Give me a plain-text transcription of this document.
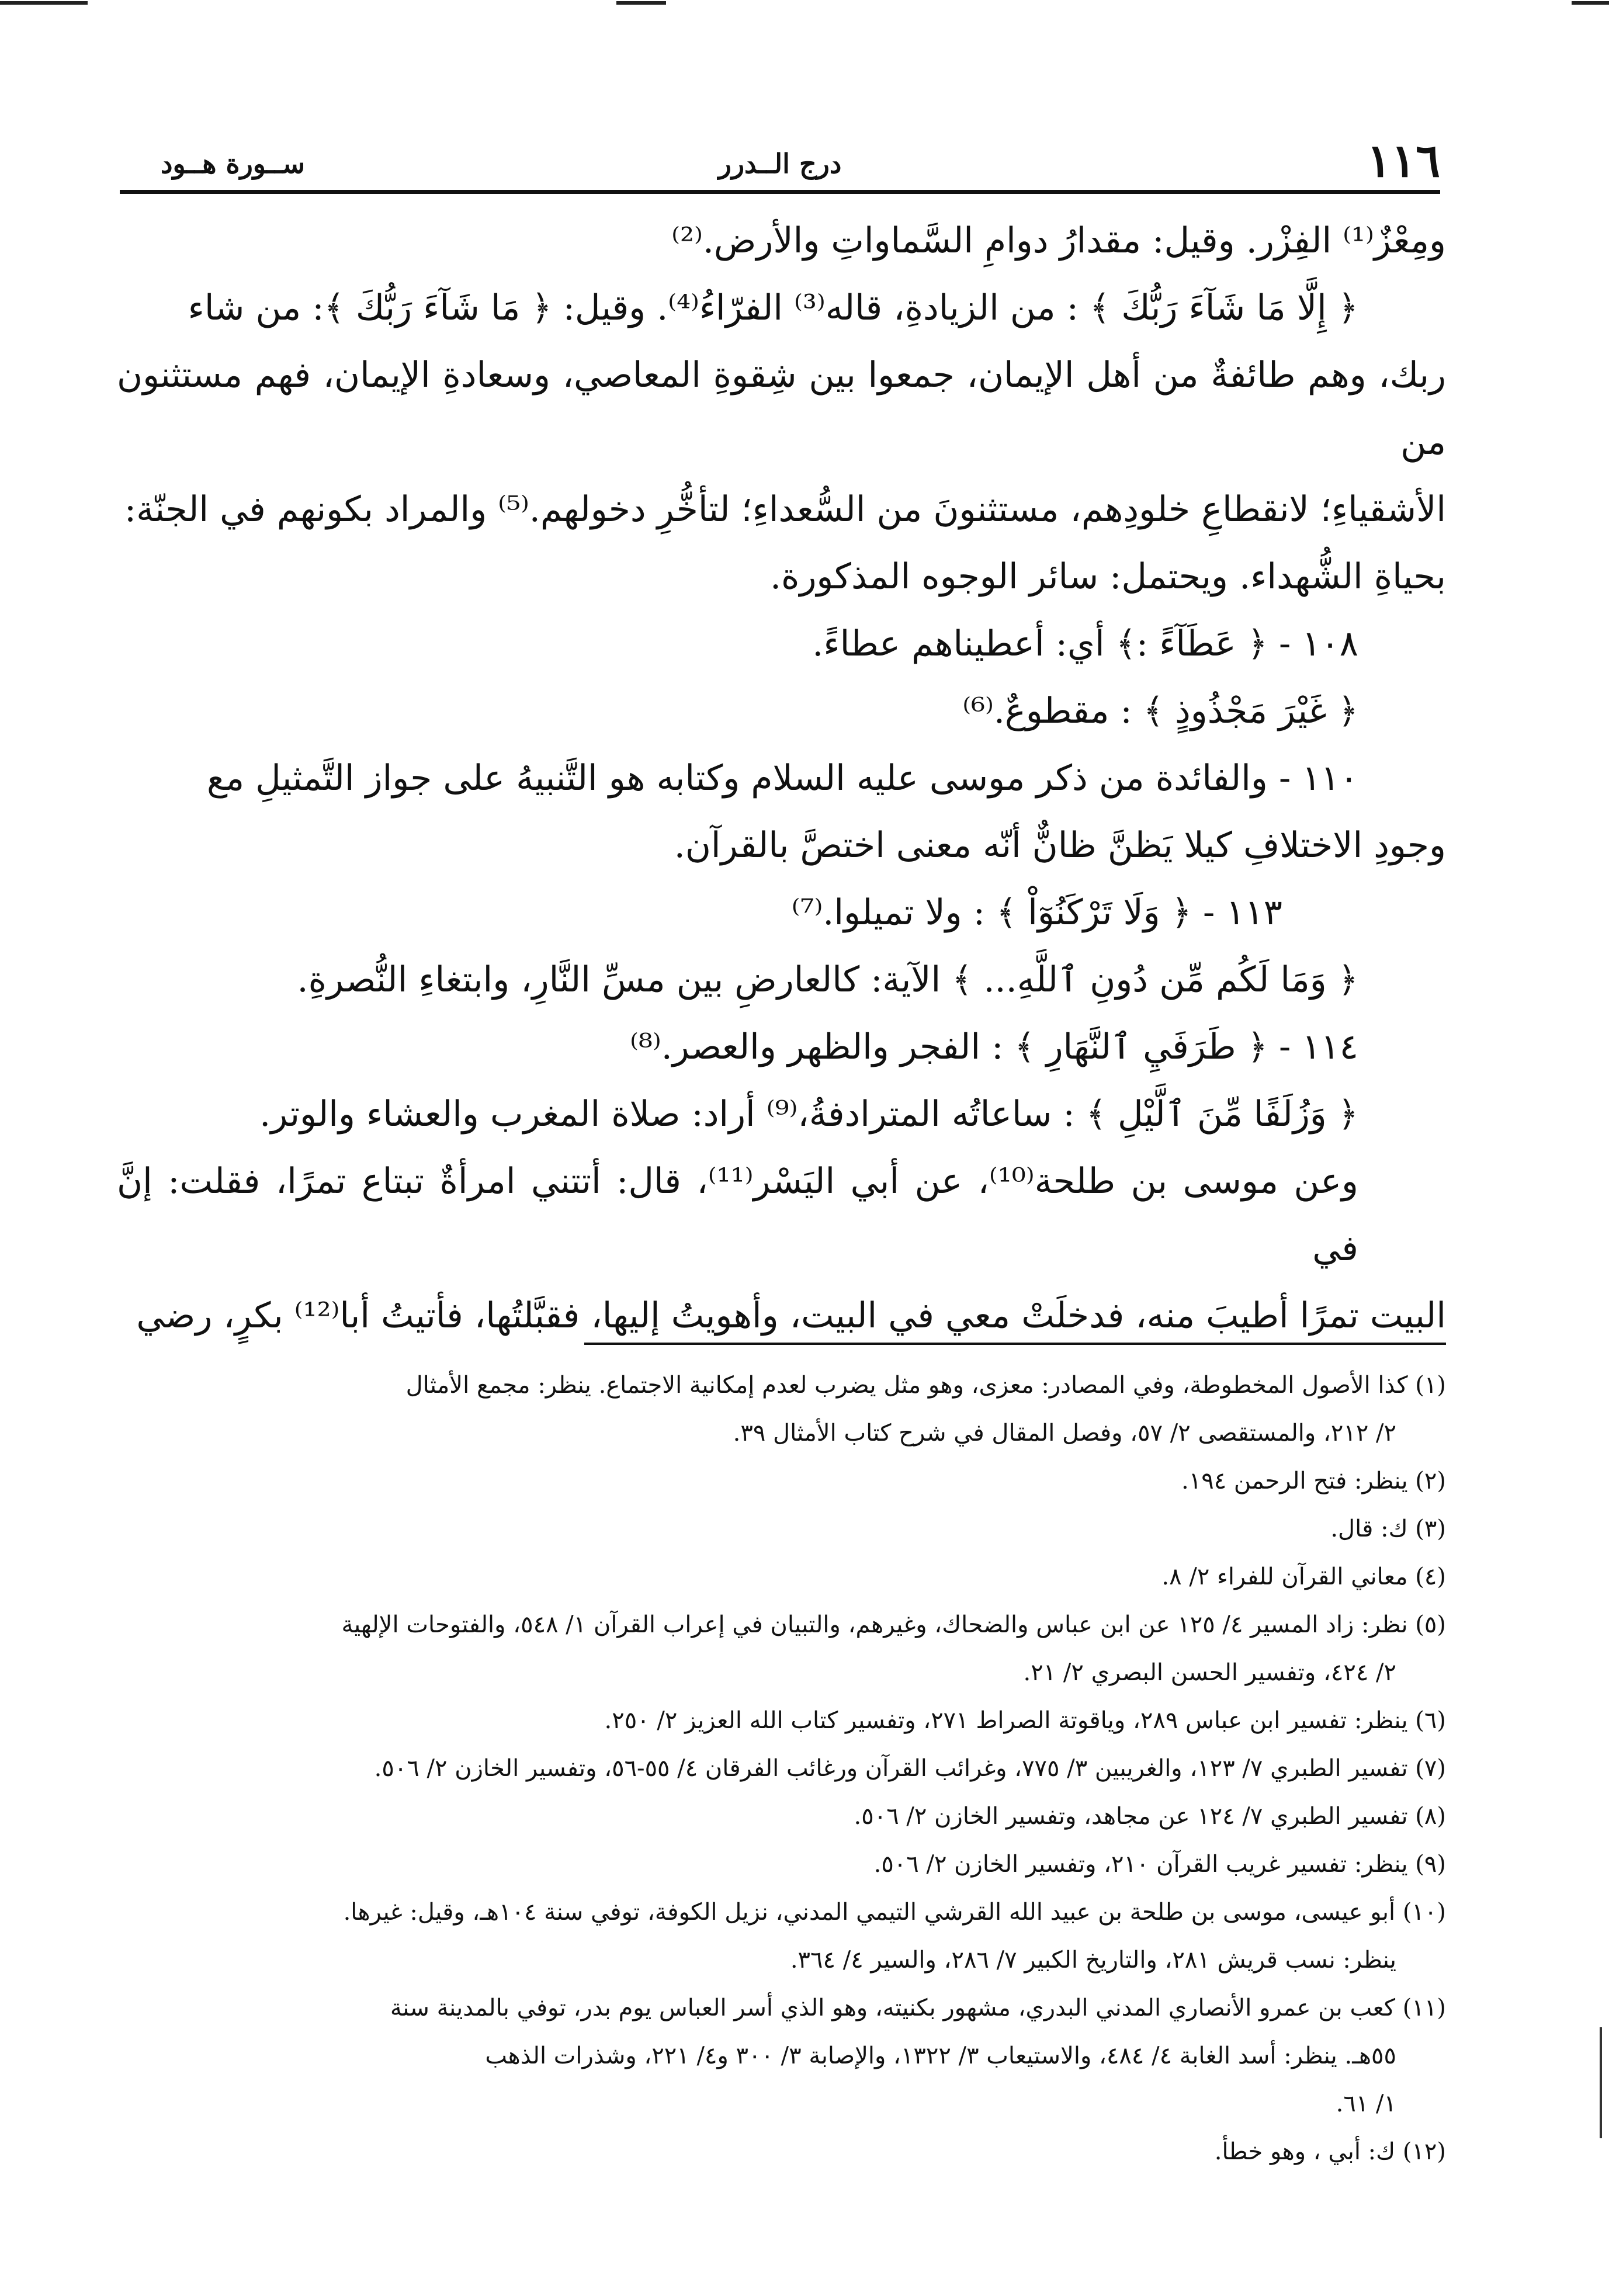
١١٦
درج الــدرر
ســورة هــود

ومِعْزٌ⁽¹⁾ الفِزْر. وقيل: مقدارُ دوامِ السَّماواتِ والأرض.⁽²⁾

﴿ إِلَّا مَا شَآءَ رَبُّكَ ﴾ : من الزيادةِ، قاله⁽³⁾ الفرّاءُ⁽⁴⁾. وقيل: ﴿ مَا شَآءَ رَبُّكَ ﴾: من شاء

ربك، وهم طائفةٌ من أهل الإيمان، جمعوا بين شِقوةِ المعاصي، وسعادةِ الإيمان، فهم مستثنون من

الأشقياءِ؛ لانقطاعِ خلودِهم، مستثنونَ من السُّعداءِ؛ لتأخُّرِ دخولهم.⁽⁵⁾ والمراد بكونهم في الجنّة:

بحياةِ الشُّهداء. ويحتمل: سائر الوجوه المذكورة.

١٠٨ - ﴿ عَطَآءً :﴾ أي: أعطيناهم عطاءً.

﴿ غَيْرَ مَجْذُوذٍ ﴾ : مقطوعٌ.⁽⁶⁾

١١٠ - والفائدة من ذكر موسى عليه السلام وكتابه هو التَّنبيهُ على جواز التَّمثيلِ مع

وجودِ الاختلافِ كيلا يَظنَّ ظانٌّ أنّه معنى اختصَّ بالقرآن.

١١٣ - ﴿ وَلَا تَرْكَنُوٓاْ ﴾ : ولا تميلوا.⁽⁷⁾

﴿ وَمَا لَكُم مِّن دُونِ ٱللَّهِ... ﴾ الآية: كالعارضِ بين مسِّ النَّارِ، وابتغاءِ النُّصرةِ.

١١٤ - ﴿ طَرَفَيِ ٱلنَّهَارِ ﴾ : الفجر والظهر والعصر.⁽⁸⁾

﴿ وَزُلَفًا مِّنَ ٱلَّيْلِ ﴾ : ساعاتُه المترادفةُ،⁽⁹⁾ أراد: صلاة المغرب والعشاء والوتر.

وعن موسى بن طلحة⁽¹⁰⁾، عن أبي اليَسْر⁽¹¹⁾، قال: أتتني امرأةٌ تبتاع تمرًا، فقلت: إنَّ في

البيت تمرًا أطيبَ منه، فدخلَتْ معي في البيت، وأهويتُ إليها، فقبَّلتُها، فأتيتُ أبا⁽¹²⁾ بكرٍ، رضي

(١) كذا الأصول المخطوطة، وفي المصادر: معزى، وهو مثل يضرب لعدم إمكانية الاجتماع. ينظر: مجمع الأمثال

٢/ ٢١٢، والمستقصى ٢/ ٥٧، وفصل المقال في شرح كتاب الأمثال ٣٩.

(٢) ينظر: فتح الرحمن ١٩٤.

(٣) ك: قال.

(٤) معاني القرآن للفراء ٢/ ٨.

(٥) نظر: زاد المسير ٤/ ١٢٥ عن ابن عباس والضحاك، وغيرهم، والتبيان في إعراب القرآن ١/ ٥٤٨، والفتوحات الإلهية

٢/ ٤٢٤، وتفسير الحسن البصري ٢/ ٢١.

(٦) ينظر: تفسير ابن عباس ٢٨٩، وياقوتة الصراط ٢٧١، وتفسير كتاب الله العزيز ٢/ ٢٥٠.

(٧) تفسير الطبري ٧/ ١٢٣، والغريبين ٣/ ٧٧٥، وغرائب القرآن ورغائب الفرقان ٤/ ٥٥-٥٦، وتفسير الخازن ٢/ ٥٠٦.

(٨) تفسير الطبري ٧/ ١٢٤ عن مجاهد، وتفسير الخازن ٢/ ٥٠٦.

(٩) ينظر: تفسير غريب القرآن ٢١٠، وتفسير الخازن ٢/ ٥٠٦.

(١٠) أبو عيسى، موسى بن طلحة بن عبيد الله القرشي التيمي المدني، نزيل الكوفة، توفي سنة ١٠٤هـ، وقيل: غيرها.

ينظر: نسب قريش ٢٨١، والتاريخ الكبير ٧/ ٢٨٦، والسير ٤/ ٣٦٤.

(١١) كعب بن عمرو الأنصاري المدني البدري، مشهور بكنيته، وهو الذي أسر العباس يوم بدر، توفي بالمدينة سنة

٥٥هـ. ينظر: أسد الغابة ٤/ ٤٨٤، والاستيعاب ٣/ ١٣٢٢، والإصابة ٣/ ٣٠٠ و٤/ ٢٢١، وشذرات الذهب

١/ ٦١.

(١٢) ك: أبي ، وهو خطأ.
